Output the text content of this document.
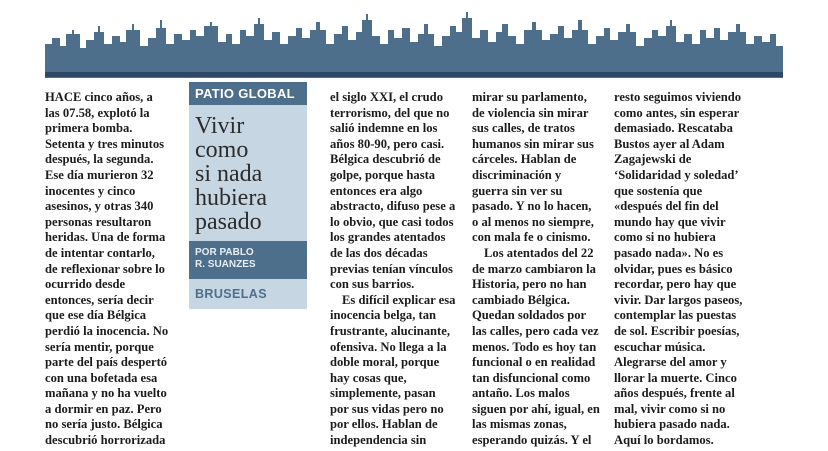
HACE cinco años, a las 07.58, explotó la primera bomba. Setenta y tres minutos después, la segunda. Ese día murieron 32 inocentes y cinco asesinos, y otras 340 personas resultaron heridas. Una de forma de intentar contarlo, de reflexionar sobre lo ocurrido desde entonces, sería decir que ese día Bélgica perdió la inocencia. No sería mentir, porque parte del país despertó con una bofetada esa mañana y no ha vuelto a dormir en paz. Pero no sería justo. Bélgica descubrió horrorizada

PATIO GLOBAL
Vivir
como
si nada
hubiera
pasado
POR PABLO
R. SUANZES
BRUSELAS

el siglo XXI, el crudo terrorismo, del que no salió indemne en los años 80-90, pero casi. Bélgica descubrió de golpe, porque hasta entonces era algo abstracto, difuso pese a lo obvio, que casi todos los grandes atentados de las dos décadas previas tenían vínculos con sus barrios.

Es difícil explicar esa inocencia belga, tan frustrante, alucinante, ofensiva. No llega a la doble moral, porque hay cosas que, simplemente, pasan por sus vidas pero no por ellos. Hablan de independencia sin

mirar su parlamento, de violencia sin mirar sus calles, de tratos humanos sin mirar sus cárceles. Hablan de discriminación y guerra sin ver su pasado. Y no lo hacen, o al menos no siempre, con mala fe o cinismo.

Los atentados del 22 de marzo cambiaron la Historia, pero no han cambiado Bélgica. Quedan soldados por las calles, pero cada vez menos. Todo es hoy tan funcional o en realidad tan disfuncional como antaño. Los malos siguen por ahí, igual, en las mismas zonas, esperando quizás. Y el

resto seguimos viviendo como antes, sin esperar demasiado. Rescataba Bustos ayer al Adam Zagajewski de ‘Solidaridad y soledad’ que sostenía que «después del fin del mundo hay que vivir como si no hubiera pasado nada». No es olvidar, pues es básico recordar, pero hay que vivir. Dar largos paseos, contemplar las puestas de sol. Escribir poesías, escuchar música. Alegrarse del amor y llorar la muerte. Cinco años después, frente al mal, vivir como si no hubiera pasado nada. Aquí lo bordamos.
